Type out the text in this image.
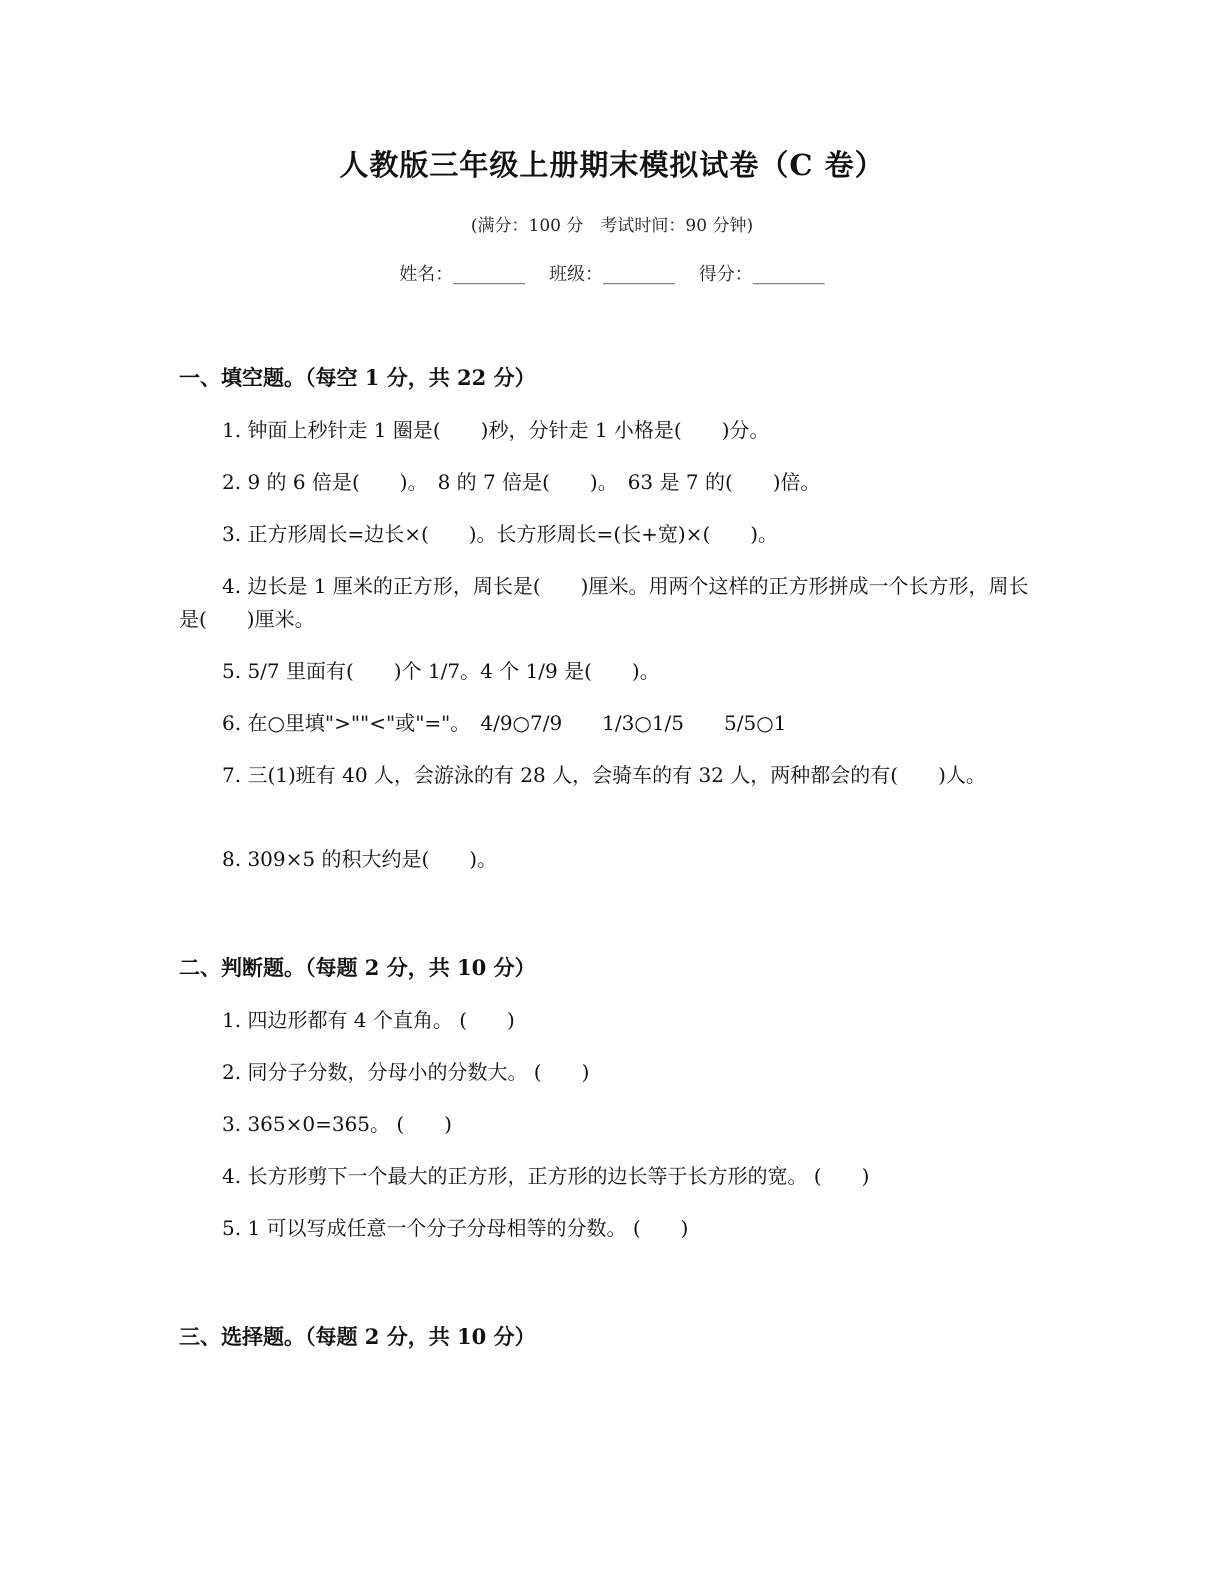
人教版三年级上册期末模拟试卷（C 卷）

(满分：100 分　考试时间：90 分钟)

姓名：________　 班级：________　 得分：________

一、填空题。（每空 1 分，共 22 分）

1. 钟面上秒针走 1 圈是(　　)秒，分针走 1 小格是(　　)分。

2. 9 的 6 倍是(　　)。　8 的 7 倍是(　　)。　63 是 7 的(　　)倍。

3. 正方形周长=边长×(　　)。长方形周长=(长+宽)×(　　)。

4. 边长是 1 厘米的正方形，周长是(　　)厘米。用两个这样的正方形拼成一个长方形，周长是(　　)厘米。

5. 5/7 里面有(　　)个 1/7。4 个 1/9 是(　　)。

6. 在○里填">""<"或"="。　4/9○7/9　　1/3○1/5　　5/5○1

7. 三(1)班有 40 人，会游泳的有 28 人，会骑车的有 32 人，两种都会的有(　　)人。

8. 309×5 的积大约是(　　)。

二、判断题。（每题 2 分，共 10 分）

1. 四边形都有 4 个直角。 (　　)

2. 同分子分数，分母小的分数大。 (　　)

3. 365×0=365。 (　　)

4. 长方形剪下一个最大的正方形，正方形的边长等于长方形的宽。 (　　)

5. 1 可以写成任意一个分子分母相等的分数。 (　　)

三、选择题。（每题 2 分，共 10 分）
